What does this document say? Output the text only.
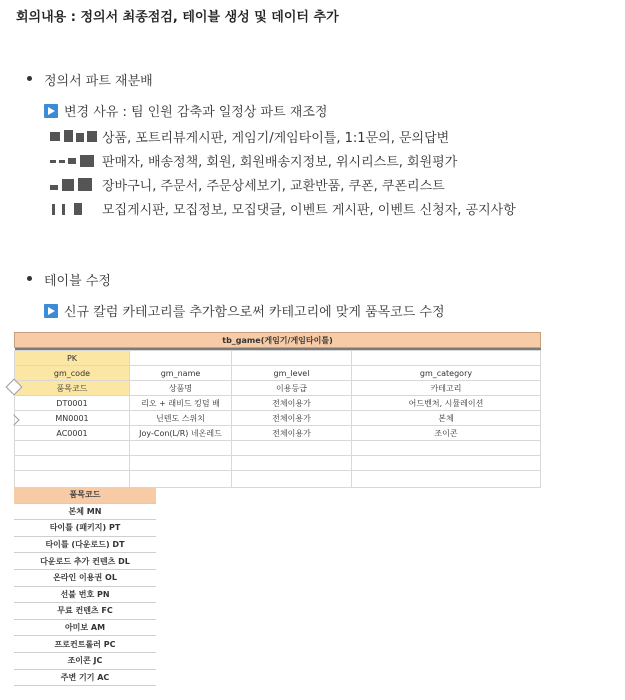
회의내용 : 정의서 최종점검, 테이블 생성 및 데이터 추가
정의서 파트 재분배
변경 사유 : 팀 인원 감축과 일정상 파트 재조정
상품, 포트리뷰게시판, 게임기/게임타이틀, 1:1문의, 문의답변
판매자, 배송정책, 회원, 회원배송지정보, 위시리스트, 회원평가
장바구니, 주문서, 주문상세보기, 교환반품, 쿠폰, 쿠폰리스트
모집게시판, 모집정보, 모집댓글, 이벤트 게시판, 이벤트 신청자, 공지사항
테이블 수정
신규 칼럼 카테고리를 추가함으로써 카테고리에 맞게 품목코드 수정
tb_game(게임기/게임타이틀)			

PK			
gm_code	gm_name	gm_level	gm_category
품목코드	상품명	이용등급	카테고리
DT0001	리오 + 래비드 킹덤 배	전체이용가	어드벤처, 시뮬레이션
MN0001	닌텐도 스위치	전체이용가	본체
AC0001	Joy-Con(L/R) 네온레드	전체이용가	조이콘

품목코드
본체 MN
타이틀 (패키지) PT
타이틀 (다운로드) DT
다운로드 추가 컨텐츠 DL
온라인 이용권 OL
선불 번호 PN
무료 컨텐츠 FC
아미보 AM
프로컨트롤러 PC
조이콘 JC
주변 기기 AC
